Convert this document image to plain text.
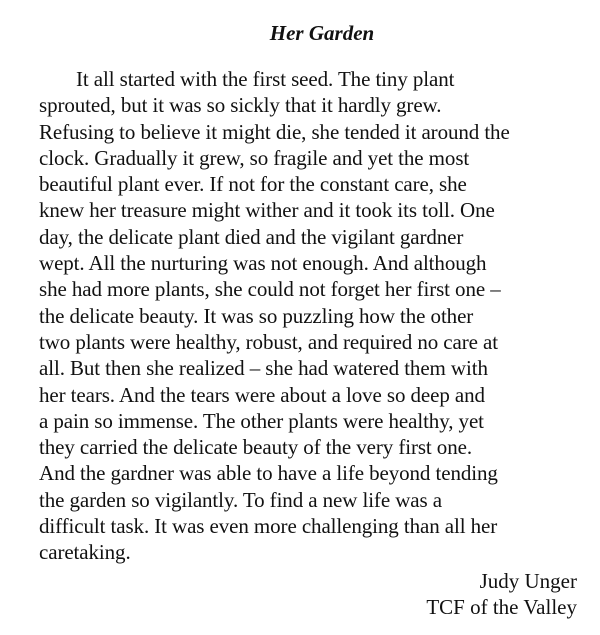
Her Garden
It all started with the first seed. The tiny plant
sprouted, but it was so sickly that it hardly grew.
Refusing to believe it might die, she tended it around the
clock. Gradually it grew, so fragile and yet the most
beautiful plant ever. If not for the constant care, she
knew her treasure might wither and it took its toll. One
day, the delicate plant died and the vigilant gardner
wept. All the nurturing was not enough. And although
she had more plants, she could not forget her first one –
the delicate beauty. It was so puzzling how the other
two plants were healthy, robust, and required no care at
all. But then she realized – she had watered them with
her tears. And the tears were about a love so deep and
a pain so immense. The other plants were healthy, yet
they carried the delicate beauty of the very first one.
And the gardner was able to have a life beyond tending
the garden so vigilantly. To find a new life was a
difficult task. It was even more challenging than all her
caretaking.
Judy Unger
TCF of the Valley
